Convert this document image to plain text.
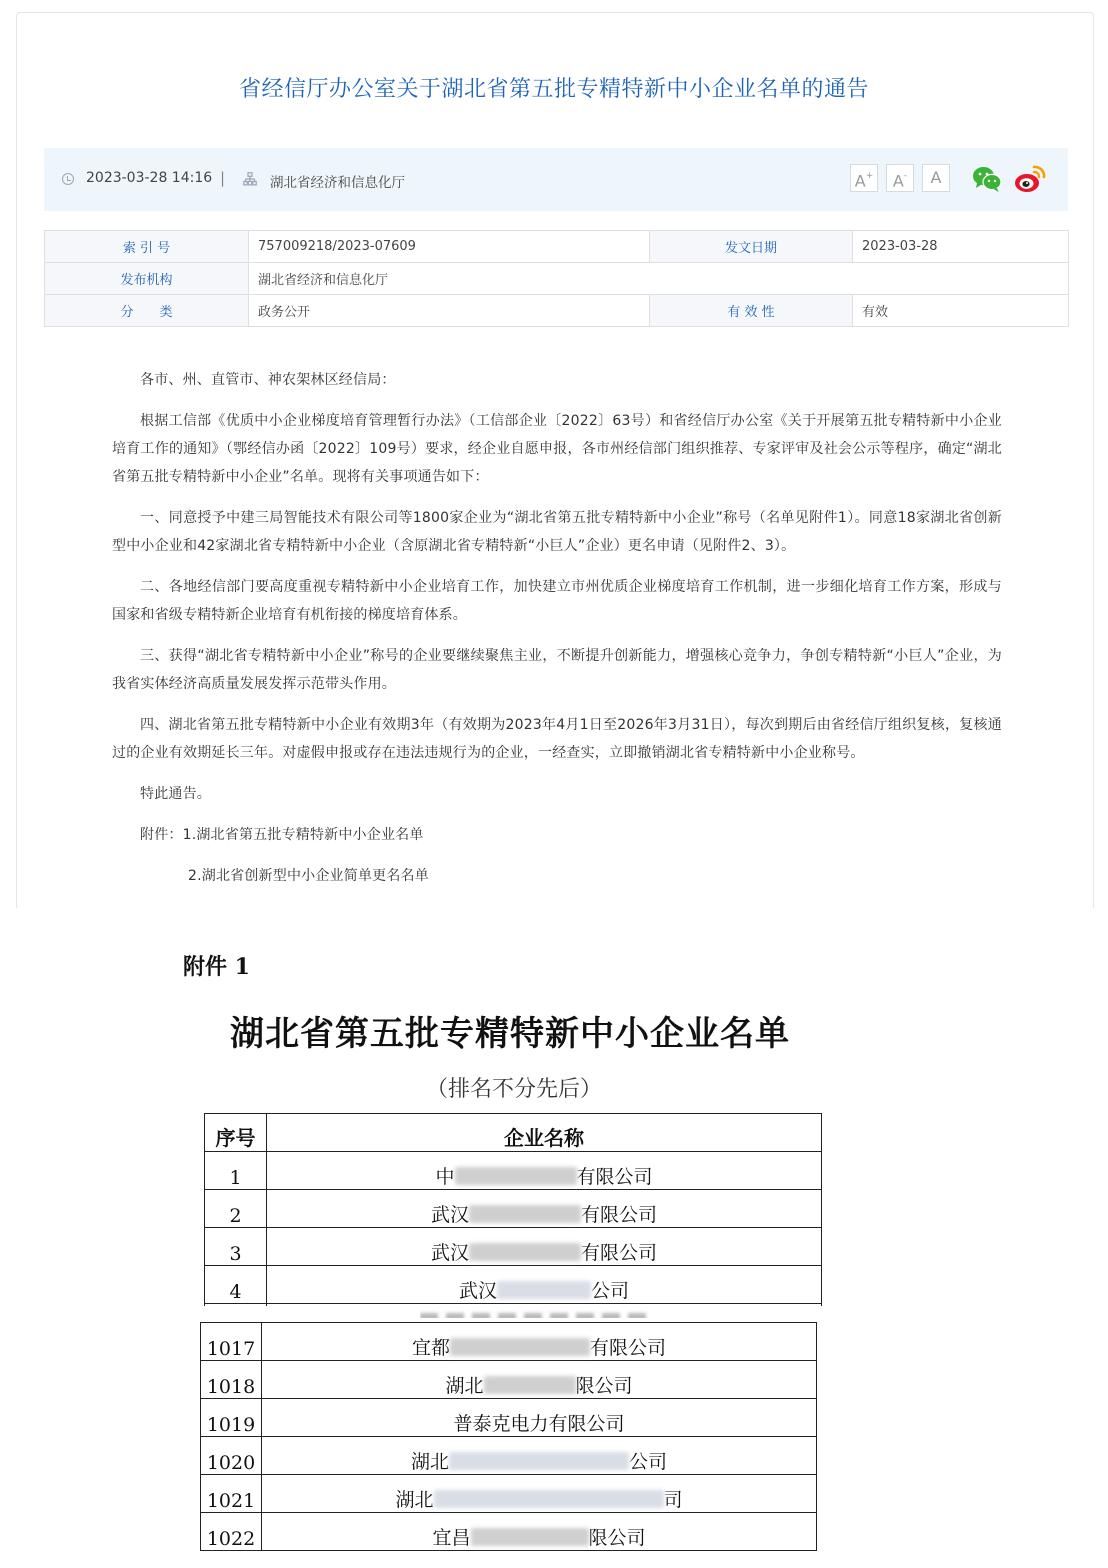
省经信厅办公室关于湖北省第五批专精特新中小企业名单的通告
2023-03-28 14:16 |	湖北省经济和信息化厅	A+	A-	A
索 引 号	757009218/2023-07609	发文日期	2023-03-28
发布机构	湖北省经济和信息化厅		
分　　类	政务公开	有 效 性	有效

各市、州、直管市、神农架林区经信局：

根据工信部《优质中小企业梯度培育管理暂行办法》（工信部企业〔2022〕63号）和省经信厅办公室《关于开展第五批专精特新中小企业培育工作的通知》（鄂经信办函〔2022〕109号）要求，经企业自愿申报，各市州经信部门组织推荐、专家评审及社会公示等程序，确定“湖北省第五批专精特新中小企业”名单。现将有关事项通告如下：

一、同意授予中建三局智能技术有限公司等1800家企业为“湖北省第五批专精特新中小企业”称号（名单见附件1）。同意18家湖北省创新型中小企业和42家湖北省专精特新中小企业（含原湖北省专精特新“小巨人”企业）更名申请（见附件2、3）。

二、各地经信部门要高度重视专精特新中小企业培育工作，加快建立市州优质企业梯度培育工作机制，进一步细化培育工作方案，形成与国家和省级专精特新企业培育有机衔接的梯度培育体系。

三、获得“湖北省专精特新中小企业”称号的企业要继续聚焦主业，不断提升创新能力，增强核心竞争力，争创专精特新“小巨人”企业，为我省实体经济高质量发展发挥示范带头作用。

四、湖北省第五批专精特新中小企业有效期3年（有效期为2023年4月1日至2026年3月31日），每次到期后由省经信厅组织复核，复核通过的企业有效期延长三年。对虚假申报或存在违法违规行为的企业，一经查实，立即撤销湖北省专精特新中小企业称号。

特此通告。

附件：1.湖北省第五批专精特新中小企业名单

2.湖北省创新型中小企业简单更名名单

附件 1
湖北省第五批专精特新中小企业名单
（排名不分先后）
序号	企业名称
1	中 有限公司
2	武汉 有限公司
3	武汉 有限公司
4	武汉 公司

1017	宜都 有限公司
1018	湖北 限公司
1019	普泰克电力有限公司
1020	湖北 公司
1021	湖北 司
1022	宜昌 限公司
